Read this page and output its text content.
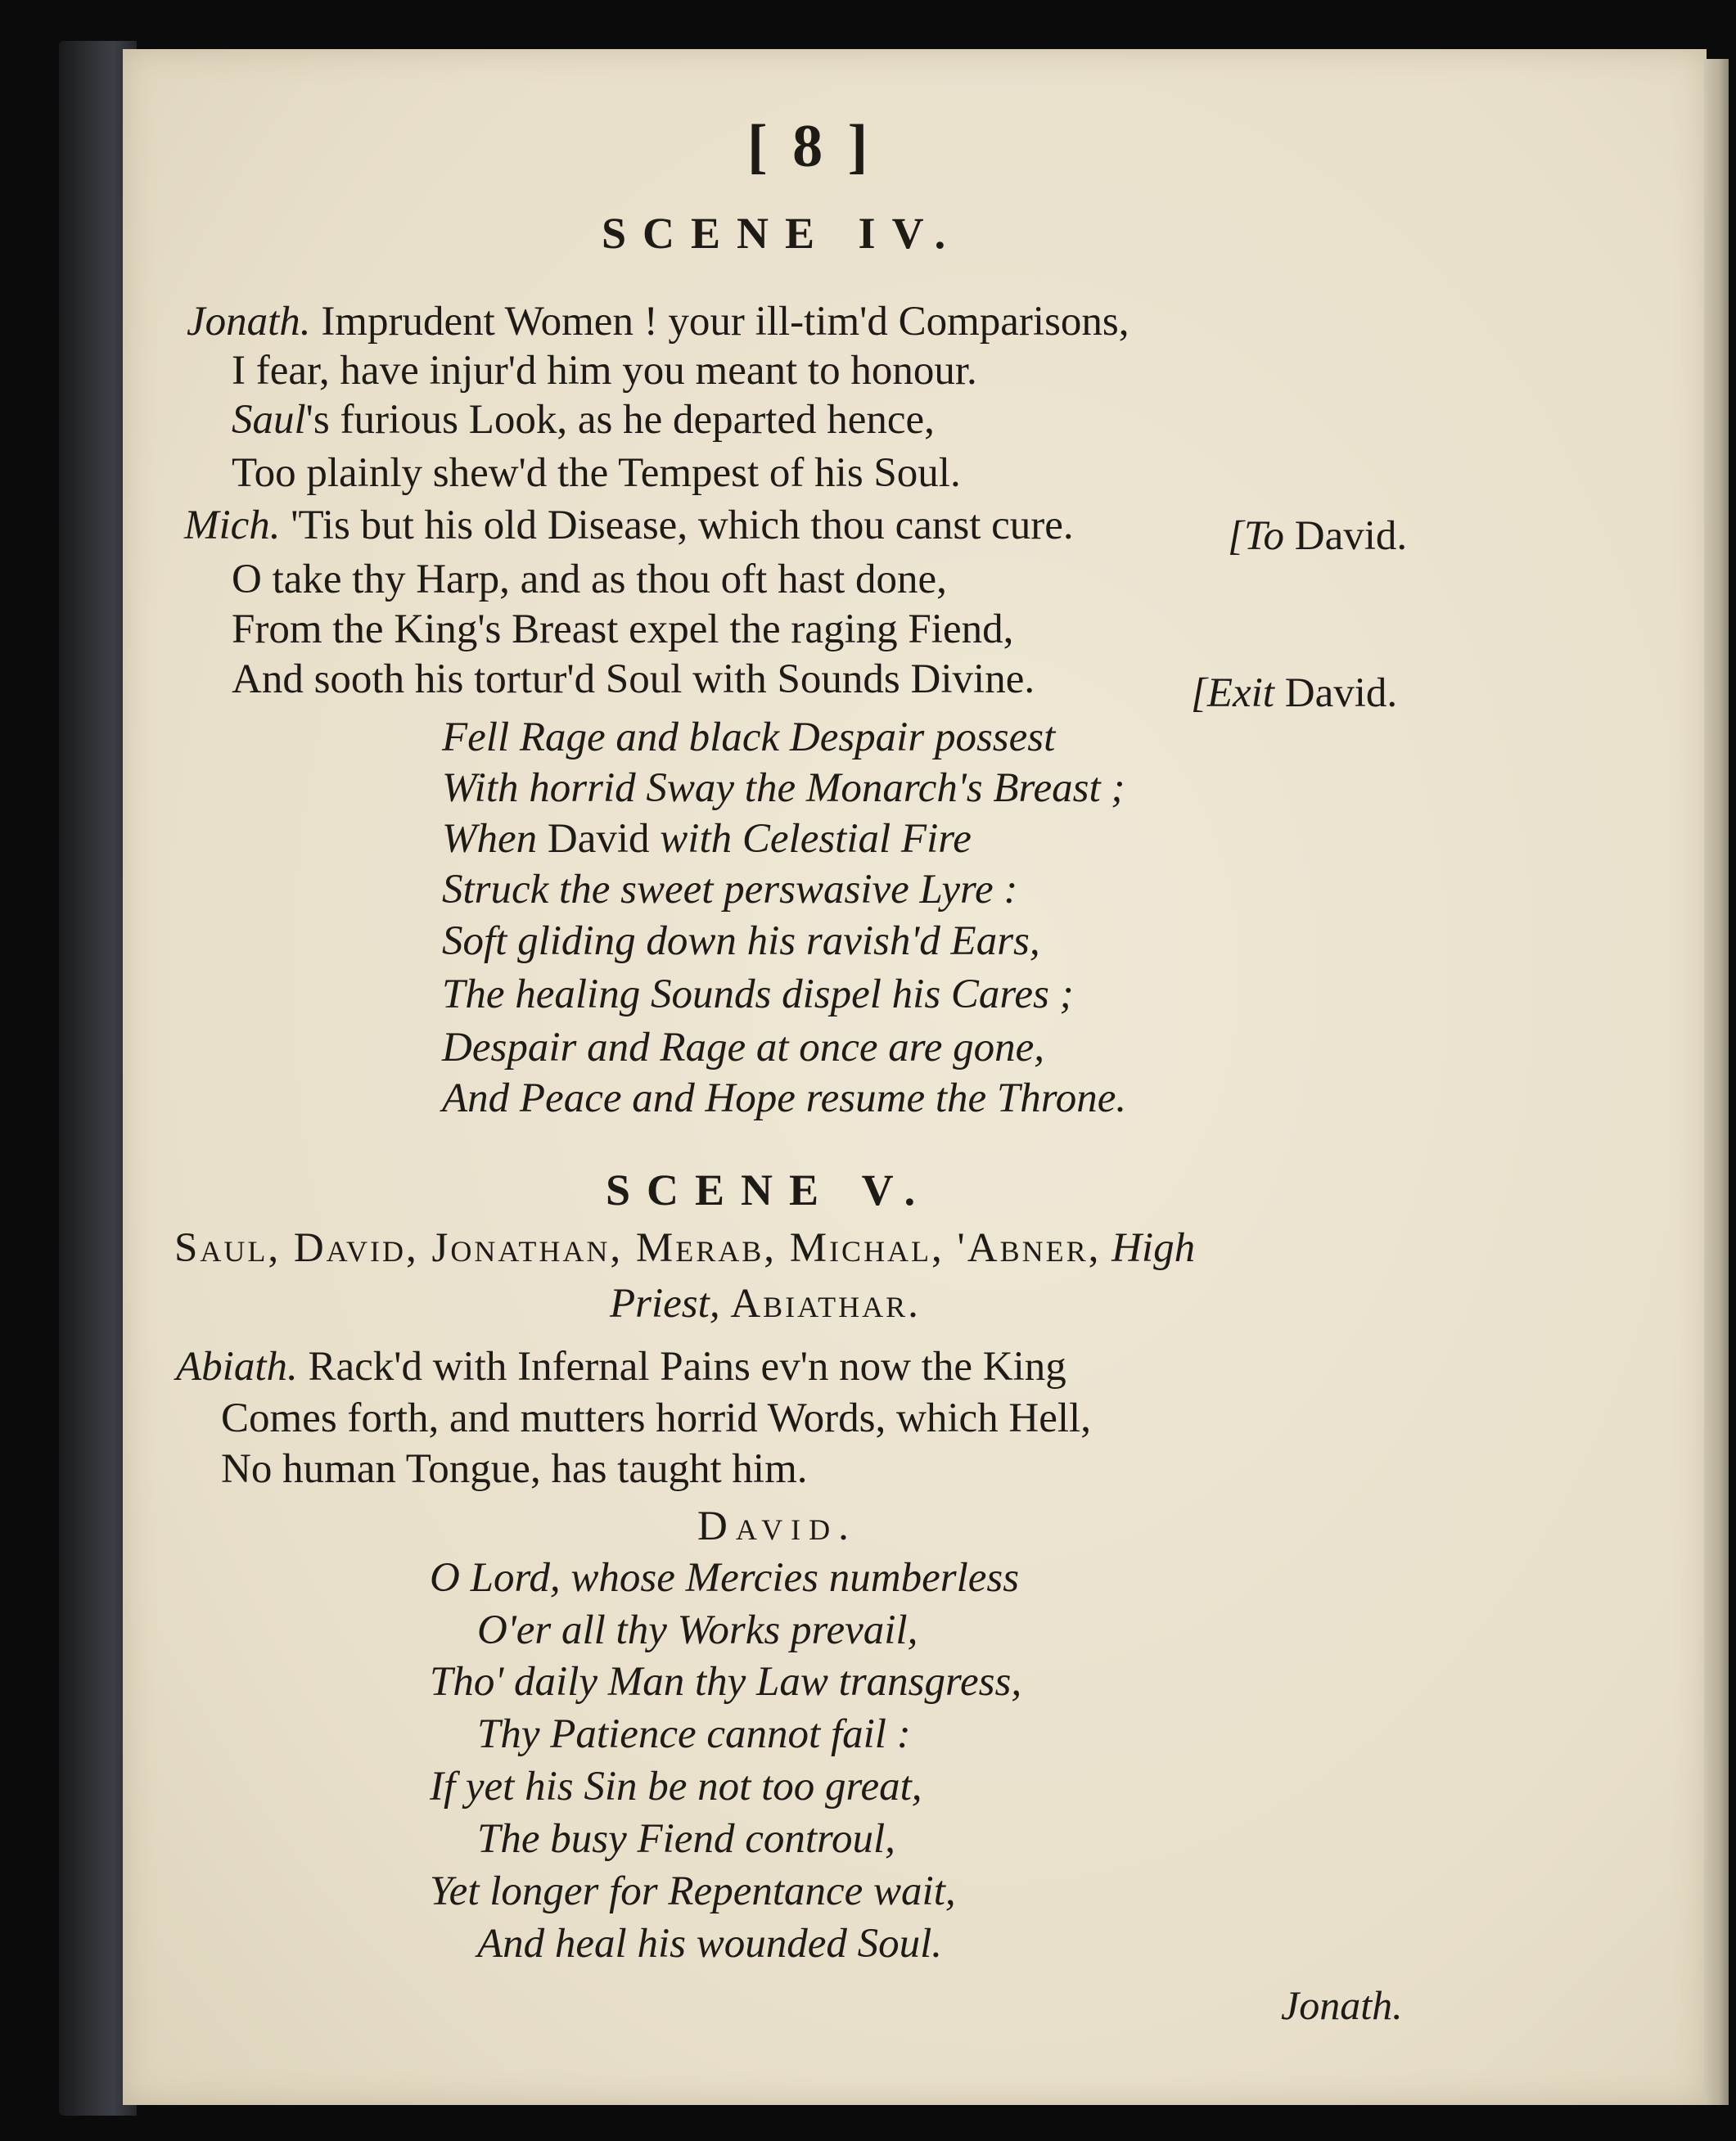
[ 8 ]
SCENE IV.
Jonath. Imprudent Women ! your ill-tim'd Comparisons,
I fear, have injur'd him you meant to honour.
Saul's furious Look, as he departed hence,
Too plainly shew'd the Tempest of his Soul.
Mich. 'Tis but his old Disease, which thou canst cure.	[To David.
O take thy Harp, and as thou oft hast done,
From the King's Breast expel the raging Fiend,
And sooth his tortur'd Soul with Sounds Divine.	[Exit David.
Fell Rage and black Despair possest
With horrid Sway the Monarch's Breast ;
When David with Celestial Fire
Struck the sweet perswasive Lyre :
Soft gliding down his ravish'd Ears,
The healing Sounds dispel his Cares ;
Despair and Rage at once are gone,
And Peace and Hope resume the Throne.
SCENE V.
Saul, David, Jonathan, Merab, Michal, 'Abner, High
Priest, Abiathar.
Abiath. Rack'd with Infernal Pains ev'n now the King
Comes forth, and mutters horrid Words, which Hell,
No human Tongue, has taught him.
David.
O Lord, whose Mercies numberless
O'er all thy Works prevail,
Tho' daily Man thy Law transgress,
Thy Patience cannot fail :
If yet his Sin be not too great,
The busy Fiend controul,
Yet longer for Repentance wait,
And heal his wounded Soul.
Jonath.
